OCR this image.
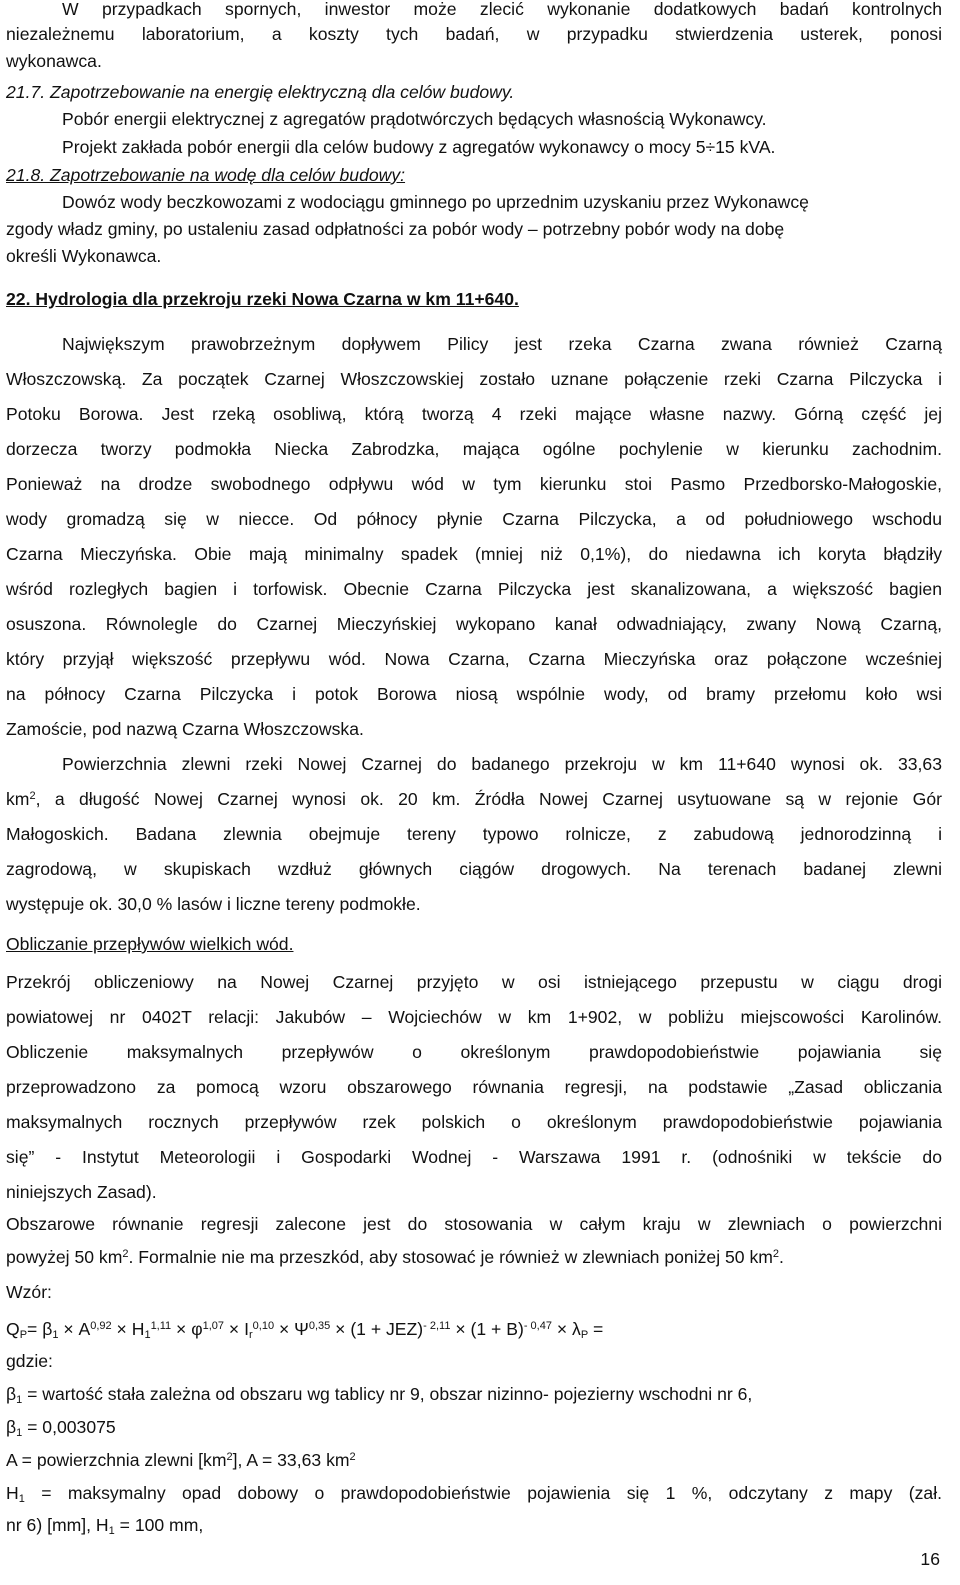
W przypadkach spornych, inwestor może zlecić wykonanie dodatkowych badań kontrolnych
niezależnemu laboratorium, a koszty tych badań, w przypadku stwierdzenia usterek, ponosi
wykonawca.
21.7. Zapotrzebowanie na energię elektryczną dla celów budowy.
Pobór energii elektrycznej z agregatów prądotwórczych będących własnością Wykonawcy.
Projekt zakłada pobór energii dla celów budowy z agregatów wykonawcy o mocy 5÷15 kVA.
21.8. Zapotrzebowanie na wodę dla celów budowy:
Dowóz wody beczkowozami z wodociągu gminnego po uprzednim uzyskaniu przez Wykonawcę
zgody władz gminy, po ustaleniu zasad odpłatności za pobór wody – potrzebny pobór wody na dobę
określi Wykonawca.
22. Hydrologia dla przekroju rzeki Nowa Czarna w km 11+640.
Największym prawobrzeżnym dopływem Pilicy jest rzeka Czarna zwana również Czarną
Włoszczowską. Za początek Czarnej Włoszczowskiej zostało uznane połączenie rzeki Czarna Pilczycka i
Potoku Borowa. Jest rzeką osobliwą, którą tworzą 4 rzeki mające własne nazwy. Górną część jej
dorzecza tworzy podmokła Niecka Zabrodzka, mająca ogólne pochylenie w kierunku zachodnim.
Ponieważ na drodze swobodnego odpływu wód w tym kierunku stoi Pasmo Przedborsko-Małogoskie,
wody gromadzą się w niecce. Od północy płynie Czarna Pilczycka, a od południowego wschodu
Czarna Mieczyńska. Obie mają minimalny spadek (mniej niż 0,1%), do niedawna ich koryta błądziły
wśród rozległych bagien i torfowisk. Obecnie Czarna Pilczycka jest skanalizowana, a większość bagien
osuszona. Równolegle do Czarnej Mieczyńskiej wykopano kanał odwadniający, zwany Nową Czarną,
który przyjął większość przepływu wód. Nowa Czarna, Czarna Mieczyńska oraz połączone wcześniej
na północy Czarna Pilczycka i potok Borowa niosą wspólnie wody, od bramy przełomu koło wsi
Zamoście, pod nazwą Czarna Włoszczowska.
Powierzchnia zlewni rzeki Nowej Czarnej do badanego przekroju w km 11+640 wynosi ok. 33,63
$km^2$, a długość Nowej Czarnej wynosi ok. 20 km. Źródła Nowej Czarnej usytuowane są w rejonie Gór
Małogoskich. Badana zlewnia obejmuje tereny typowo rolnicze, z zabudową jednorodzinną i
zagrodową, w skupiskach wzdłuż głównych ciągów drogowych. Na terenach badanej zlewni
występuje ok. 30,0 % lasów i liczne tereny podmokłe.
Obliczanie przepływów wielkich wód.
Przekrój obliczeniowy na Nowej Czarnej przyjęto w osi istniejącego przepustu w ciągu drogi
powiatowej nr 0402T relacji: Jakubów – Wojciechów w km 1+902, w pobliżu miejscowości Karolinów.
Obliczenie maksymalnych przepływów o określonym prawdopodobieństwie pojawiania się
przeprowadzono za pomocą wzoru obszarowego równania regresji, na podstawie „Zasad obliczania
maksymalnych rocznych przepływów rzek polskich o określonym prawdopodobieństwie pojawiania
się” - Instytut Meteorologii i Gospodarki Wodnej - Warszawa 1991 r. (odnośniki w tekście do
niniejszych Zasad).
Obszarowe równanie regresji zalecone jest do stosowania w całym kraju w zlewniach o powierzchni
powyżej 50 $km^2$. Formalnie nie ma przeszkód, aby stosować je również w zlewniach poniżej 50 $km^2$.
Wzór:
$Q_P= \beta_1 \times A^{0,92} \times H_1^{1,11} \times \varphi^{1,07} \times I_r^{0,10} \times \Psi^{0,35} \times (1 + JEZ)^{- 2,11} \times (1 + B)^{- 0,47} \times \lambda_P$ =
gdzie:
$\beta_1$ = wartość stała zależna od obszaru wg tablicy nr 9, obszar nizinno- pojezierny wschodni nr 6,
$\beta_1 = 0,003075$
A = powierzchnia zlewni $[km^2]$, A = 33,63 $km^2$
$H_1$ = maksymalny opad dobowy o prawdopodobieństwie pojawienia się 1 %, odczytany z mapy (zał.
nr 6) [mm], $H_1 = 100$ mm,
16
